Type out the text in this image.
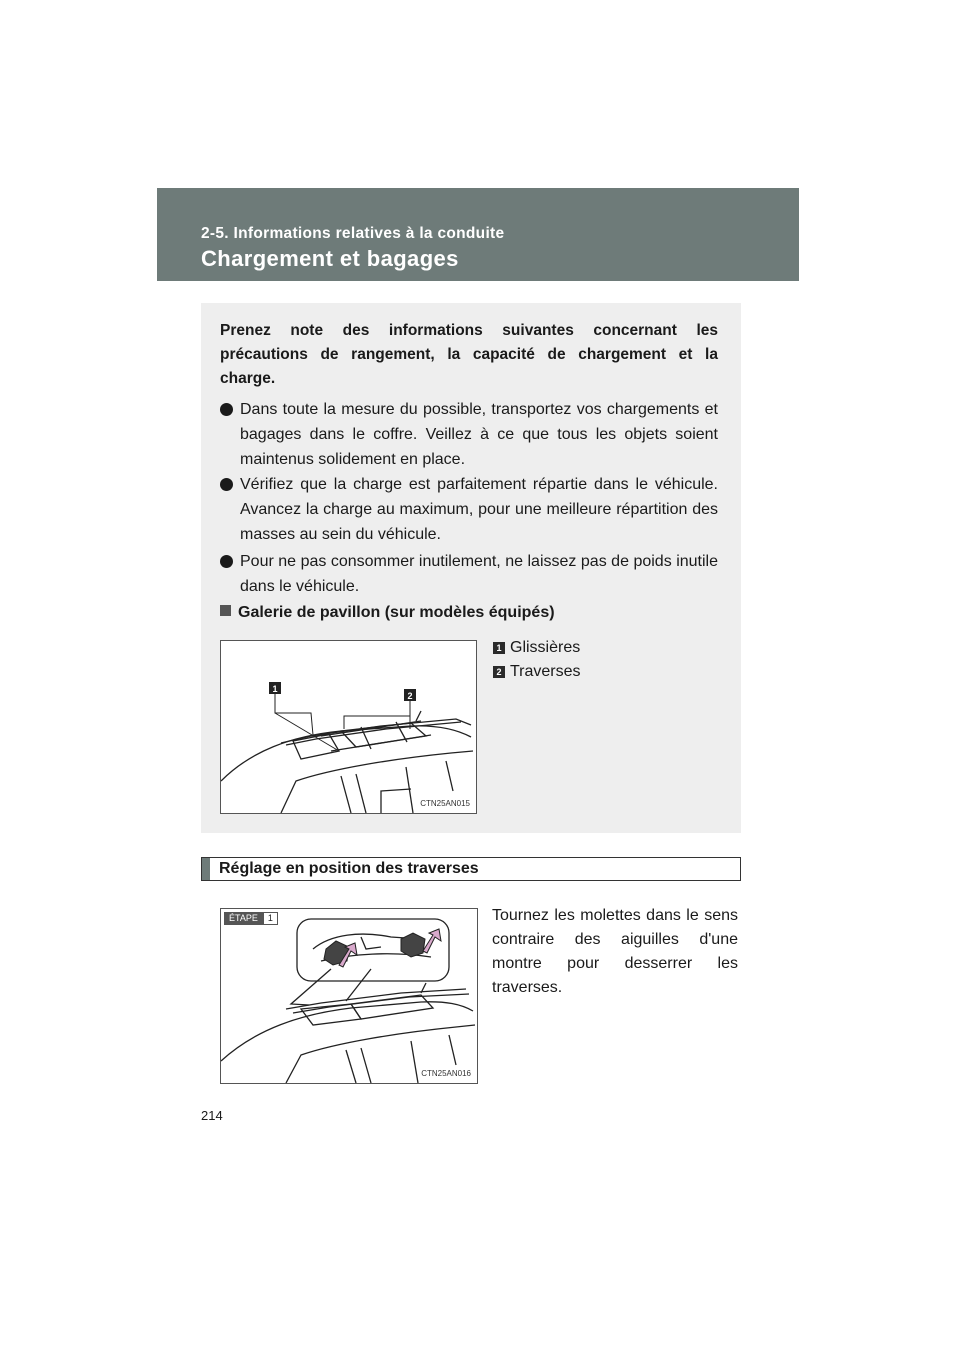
2-5. Informations relatives à la conduite
Chargement et bagages
Prenez note des informations suivantes concernant les
précautions de rangement, la capacité de chargement et la
charge.
Dans toute la mesure du possible, transportez vos chargements et bagages dans le coffre. Veillez à ce que tous les objets soient maintenus solidement en place.
Vérifiez que la charge est parfaitement répartie dans le véhicule. Avancez la charge au maximum, pour une meilleure répartition des masses au sein du véhicule.
Pour ne pas consommer inutilement, ne laissez pas de poids inutile dans le véhicule.
Galerie de pavillon (sur modèles équipés)
1
2
CTN25AN015
1 Glissières
2 Traverses
Réglage en position des traverses
ÉTAPE	1
CTN25AN016
Tournez les molettes dans le sens contraire des aiguilles d'une montre pour desserrer les traverses.
214
